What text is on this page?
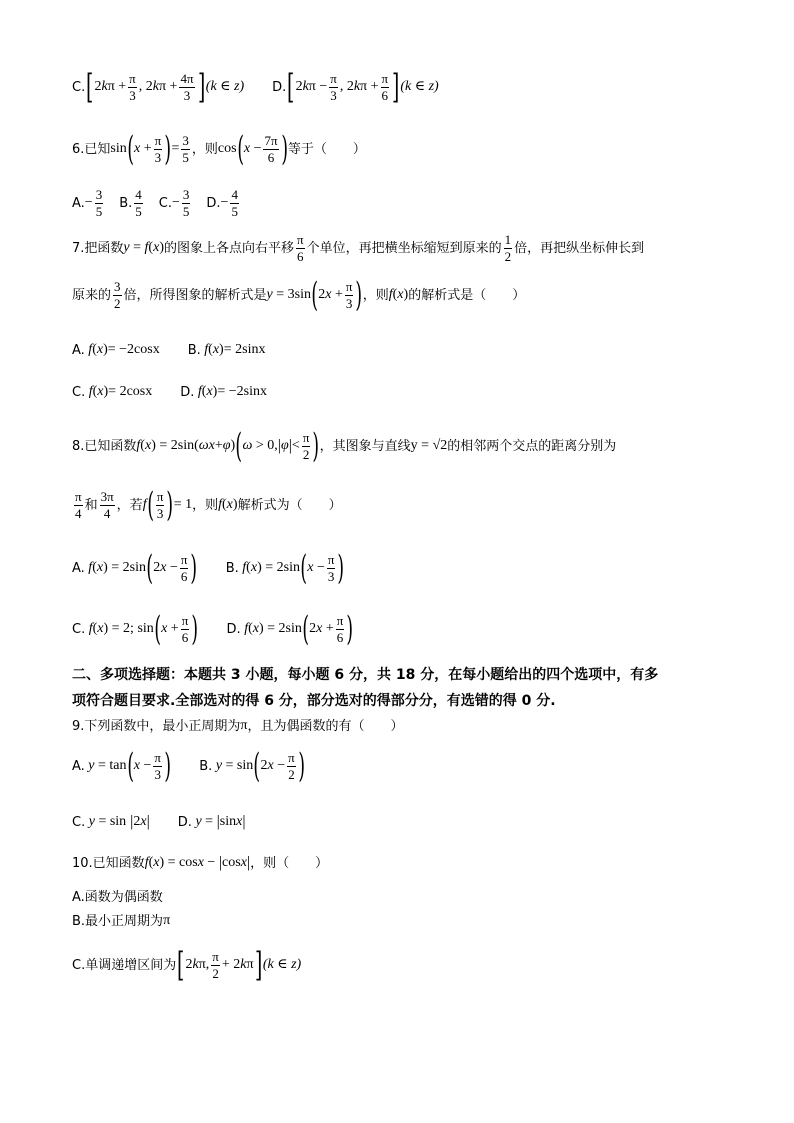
C. [ 2 k $\pi + \frac{\pi}{3}$ , 2 k $\pi + \frac{4\pi}{3}$ ] (k ∈ z) D. [ 2 k $\pi - \frac{\pi}{3}$ , 2 k $\pi + \frac{\pi}{6}$ ] (k ∈ z)
6.已知 sin ( $x + \frac{\pi}{3}$ ) = $\frac{3}{5}$ ，则 cos ( $x - \frac{7\pi}{6}$ ) 等于（　　）
A. − $\frac{3}{5} B$. $\frac{4}{5} C$. − $\frac{3}{5} D$. − $\frac{4}{5}$
7.把函数 y = f ( x ) 的图象上各点向右平移 $\frac{\pi}{6}$ 个单位，再把横坐标缩短到原来的 $\frac{1}{2}$ 倍，再把纵坐标伸长到
原来的 $\frac{3}{2}$ 倍，所得图象的解析式是 y = 3sin ( 2 $x + \frac{\pi}{3}$ ) ，则 f ( x ) 的解析式是（　　）
A. f ( x ) = −2cosx B. f ( x ) = 2sinx
C. f ( x ) = 2cosx D. f ( x ) = −2sinx
8.已知函数 f ( x ) = 2sin( ωx + φ ) ( ω > 0, | φ | < $\frac{\pi}{2}$ ) ，其图象与直线 y = √2 的相邻两个交点的距离分别为
$\frac{\pi}{4}$ 和 $\frac{3\pi}{4}$ ，若 f ( $\frac{\pi}{3}$ ) = 1 ，则 f ( x ) 解析式为（　　）
A. f ( x ) = 2sin ( 2 $x - \frac{\pi}{6}$ ) B. f ( x ) = 2sin ( $x - \frac{\pi}{3}$ )
C. f ( x ) = 2; sin ( $x + \frac{\pi}{6}$ ) D. f ( x ) = 2sin ( 2 $x + \frac{\pi}{6}$ )
二、多项选择题：本题共 3 小题，每小题 6 分，共 18 分，在每小题给出的四个选项中，有多
项符合题目要求.全部选对的得 6 分，部分选对的得部分分，有选错的得 0 分.
9.下列函数中，最小正周期为 π ，且为偶函数的有（　　）
A. y = tan ( $x - \frac{\pi}{3}$ ) B. y = sin ( 2 $x - \frac{\pi}{2}$ )
C. y = sin | 2 x | D. y = | sin x |
10.已知函数 f ( x ) = cos x − | cos x | ，则（　　）
A.函数为偶函数
B.最小正周期为 π
C.单调递增区间为 [ 2 k π, $\frac{\pi}{2} + 2$ k π ] (k ∈ z)
